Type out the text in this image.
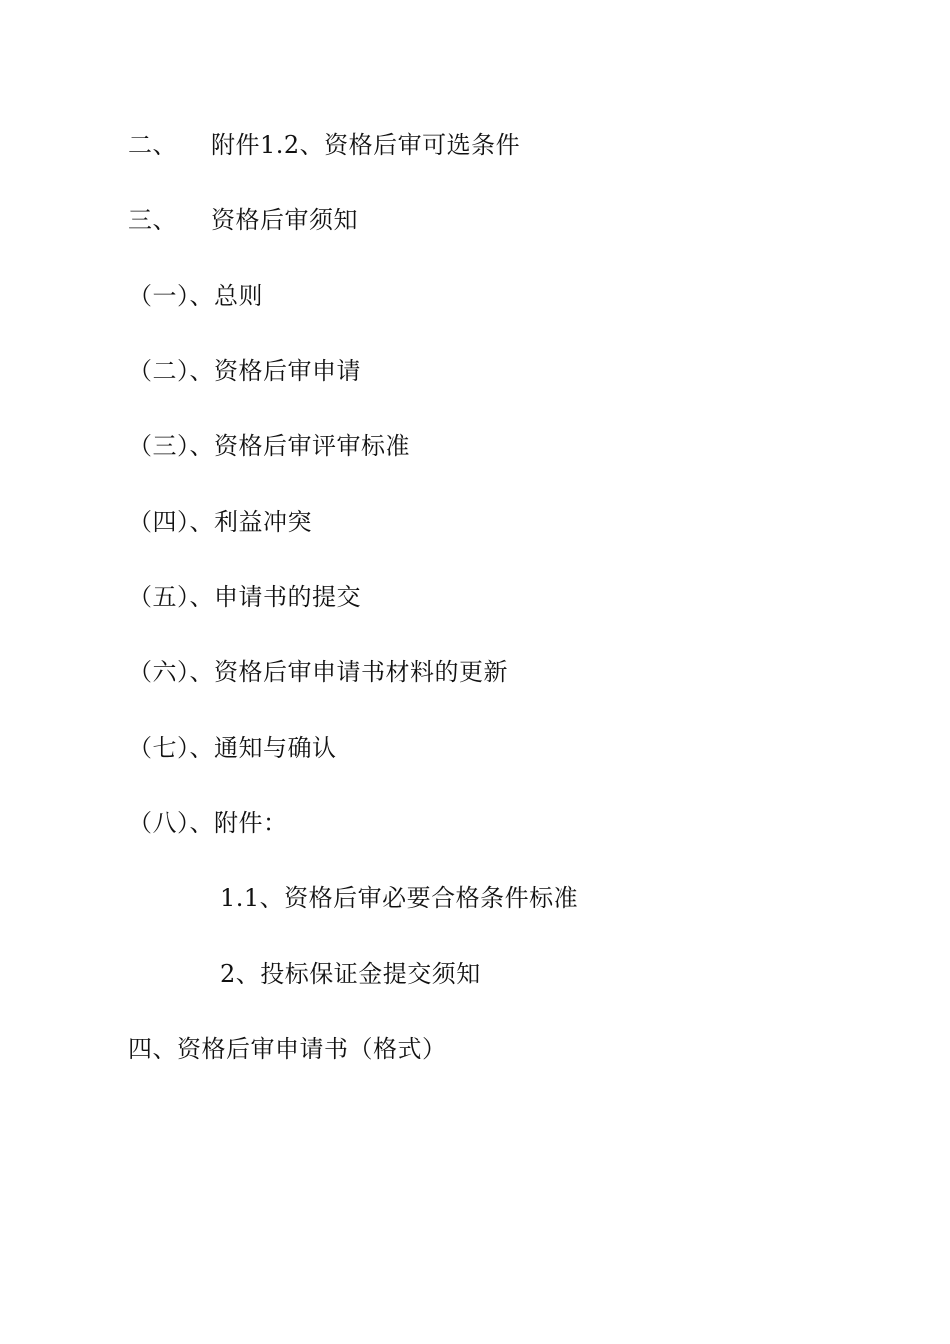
二、 附件1.2、资格后审可选条件
三、 资格后审须知
（一）、总则
（二）、资格后审申请
（三）、资格后审评审标准
（四）、利益冲突
（五）、申请书的提交
（六）、资格后审申请书材料的更新
（七）、通知与确认
（八）、附件：
1.1、资格后审必要合格条件标准
2、投标保证金提交须知
四、资格后审申请书（格式）
